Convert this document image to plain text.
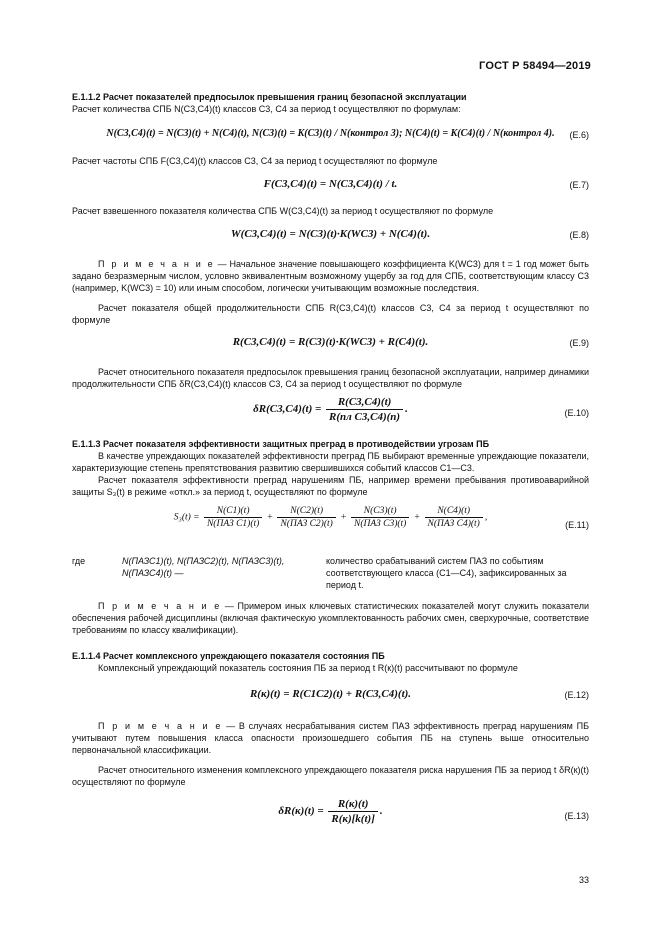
ГОСТ Р 58494—2019
Е.1.1.2 Расчет показателей предпосылок превышения границ безопасной эксплуатации
Расчет количества СПБ N(C3,C4)(t) классов С3, С4 за период t осуществляют по формулам:
N(C3,C4)(t) = N(C3)(t) + N(C4)(t), N(C3)(t) = K(C3)(t) / N(контрол 3); N(C4)(t) = K(C4)(t) / N(контрол 4).	(Е.6)
Расчет частоты СПБ F(C3,C4)(t) классов С3, С4 за период t осуществляют по формуле
F(C3,C4)(t) = N(C3,C4)(t) / t.	(Е.7)
Расчет взвешенного показателя количества СПБ W(C3,C4)(t) за период t осуществляют по формуле
W(C3,C4)(t) = N(C3)(t)·K(WC3) + N(C4)(t).	(Е.8)
П р и м е ч а н и е — Начальное значение повышающего коэффициента K(WC3) для t = 1 год может быть задано безразмерным числом, условно эквивалентным возможному ущербу за год для СПБ, соответствующим классу С3 (например, K(WC3) = 10) или иным способом, логически учитывающим возможные последствия.
Расчет показателя общей продолжительности СПБ R(C3,C4)(t) классов С3, С4 за период t осуществляют по формуле
R(C3,C4)(t) = R(C3)(t)·K(WC3) + R(C4)(t).	(Е.9)
Расчет относительного показателя предпосылок превышения границ безопасной эксплуатации, например динамики продолжительности СПБ δR(C3,C4)(t) классов С3, С4 за период t осуществляют по формуле
$\delta R(C3,C4)(t) = \frac{R(C3,C4)(t)}{\text{R(пл С3,С4)(n)}}$ .	(Е.10)
Е.1.1.3 Расчет показателя эффективности защитных преград в противодействии угрозам ПБ
В качестве упреждающих показателей эффективности преград ПБ выбирают временные упреждающие показатели, характеризующие степень препятствования развитию свершившихся событий классов С1—С3.
Расчет показателя эффективности преград нарушениям ПБ, например времени пребывания противоаварийной защиты S₃(t) в режиме «откл.» за период t, осуществляют по формуле
$S_3(t) = \frac{N(C1)(t)}{\text{N(ПАЗ С1)(t)}} + \frac{N(C2)(t)}{\text{N(ПАЗ С2)(t)}} + \frac{N(C3)(t)}{\text{N(ПАЗ С3)(t)}} + \frac{N(C4)(t)}{\text{N(ПАЗ С4)(t)}}$ ,
(Е.11)
где	N(ПАЗС1)(t), N(ПАЗС2)(t), N(ПАЗС3)(t), N(ПАЗС4)(t) —
количество срабатываний систем ПАЗ по событиям соответствующего класса (С1—С4), зафиксированных за период t.
П р и м е ч а н и е — Примером иных ключевых статистических показателей могут служить показатели обеспечения рабочей дисциплины (включая фактическую укомплектованность рабочих смен, сверхурочные, соответствие требованиям по классу квалификации).
Е.1.1.4 Расчет комплексного упреждающего показателя состояния ПБ
Комплексный упреждающий показатель состояния ПБ за период t R(к)(t) рассчитывают по формуле
R(к)(t) = R(C1C2)(t) + R(C3,C4)(t).	(Е.12)
П р и м е ч а н и е — В случаях несрабатывания систем ПАЗ эффективность преград нарушениям ПБ учитывают путем повышения класса опасности произошедшего события ПБ на ступень выше относительно первоначальной классификации.
Расчет относительного изменения комплексного упреждающего показателя риска нарушения ПБ за период t δR(к)(t) осуществляют по формуле
$\delta R(к)(t) = \frac{R(к)(t)}{R(к)[k(t)]}$ .	(Е.13)
33
